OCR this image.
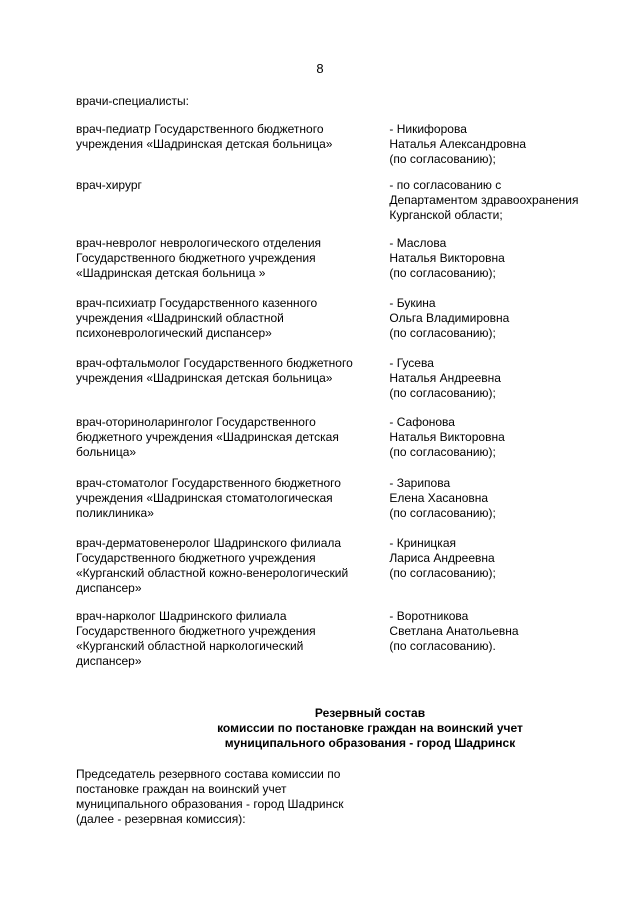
8
врачи-специалисты:
врач-педиатр Государственного бюджетного
учреждения «Шадринская детская больница»
- Никифорова
Наталья Александровна
(по согласованию);
врач-хирург	- по согласованию с
Департаментом здравоохранения
Курганской области;
врач-невролог неврологического отделения
Государственного бюджетного учреждения
«Шадринская детская больница »
- Маслова
Наталья Викторовна
(по согласованию);
врач-психиатр Государственного казенного
учреждения «Шадринский областной
психоневрологический диспансер»
- Букина
Ольга Владимировна
(по согласованию);
врач-офтальмолог Государственного бюджетного
учреждения «Шадринская детская больница»
- Гусева
Наталья Андреевна
(по согласованию);
врач-оториноларинголог Государственного
бюджетного учреждения «Шадринская детская
больница»
- Сафонова
Наталья Викторовна
(по согласованию);
врач-стоматолог Государственного бюджетного
учреждения «Шадринская стоматологическая
поликлиника»
- Зарипова
Елена Хасановна
(по согласованию);
врач-дерматовенеролог Шадринского филиала
Государственного бюджетного учреждения
«Курганский областной кожно-венерологический
диспансер»
- Криницкая
Лариса Андреевна
(по согласованию);
врач-нарколог Шадринского филиала
Государственного бюджетного учреждения
«Курганский областной наркологический
диспансер»
- Воротникова
Светлана Анатольевна
(по согласованию).
Резервный состав
комиссии по постановке граждан на воинский учет
муниципального образования - город Шадринск
Председатель резервного состава комиссии по
постановке граждан на воинский учет
муниципального образования - город Шадринск
(далее - резервная комиссия):
